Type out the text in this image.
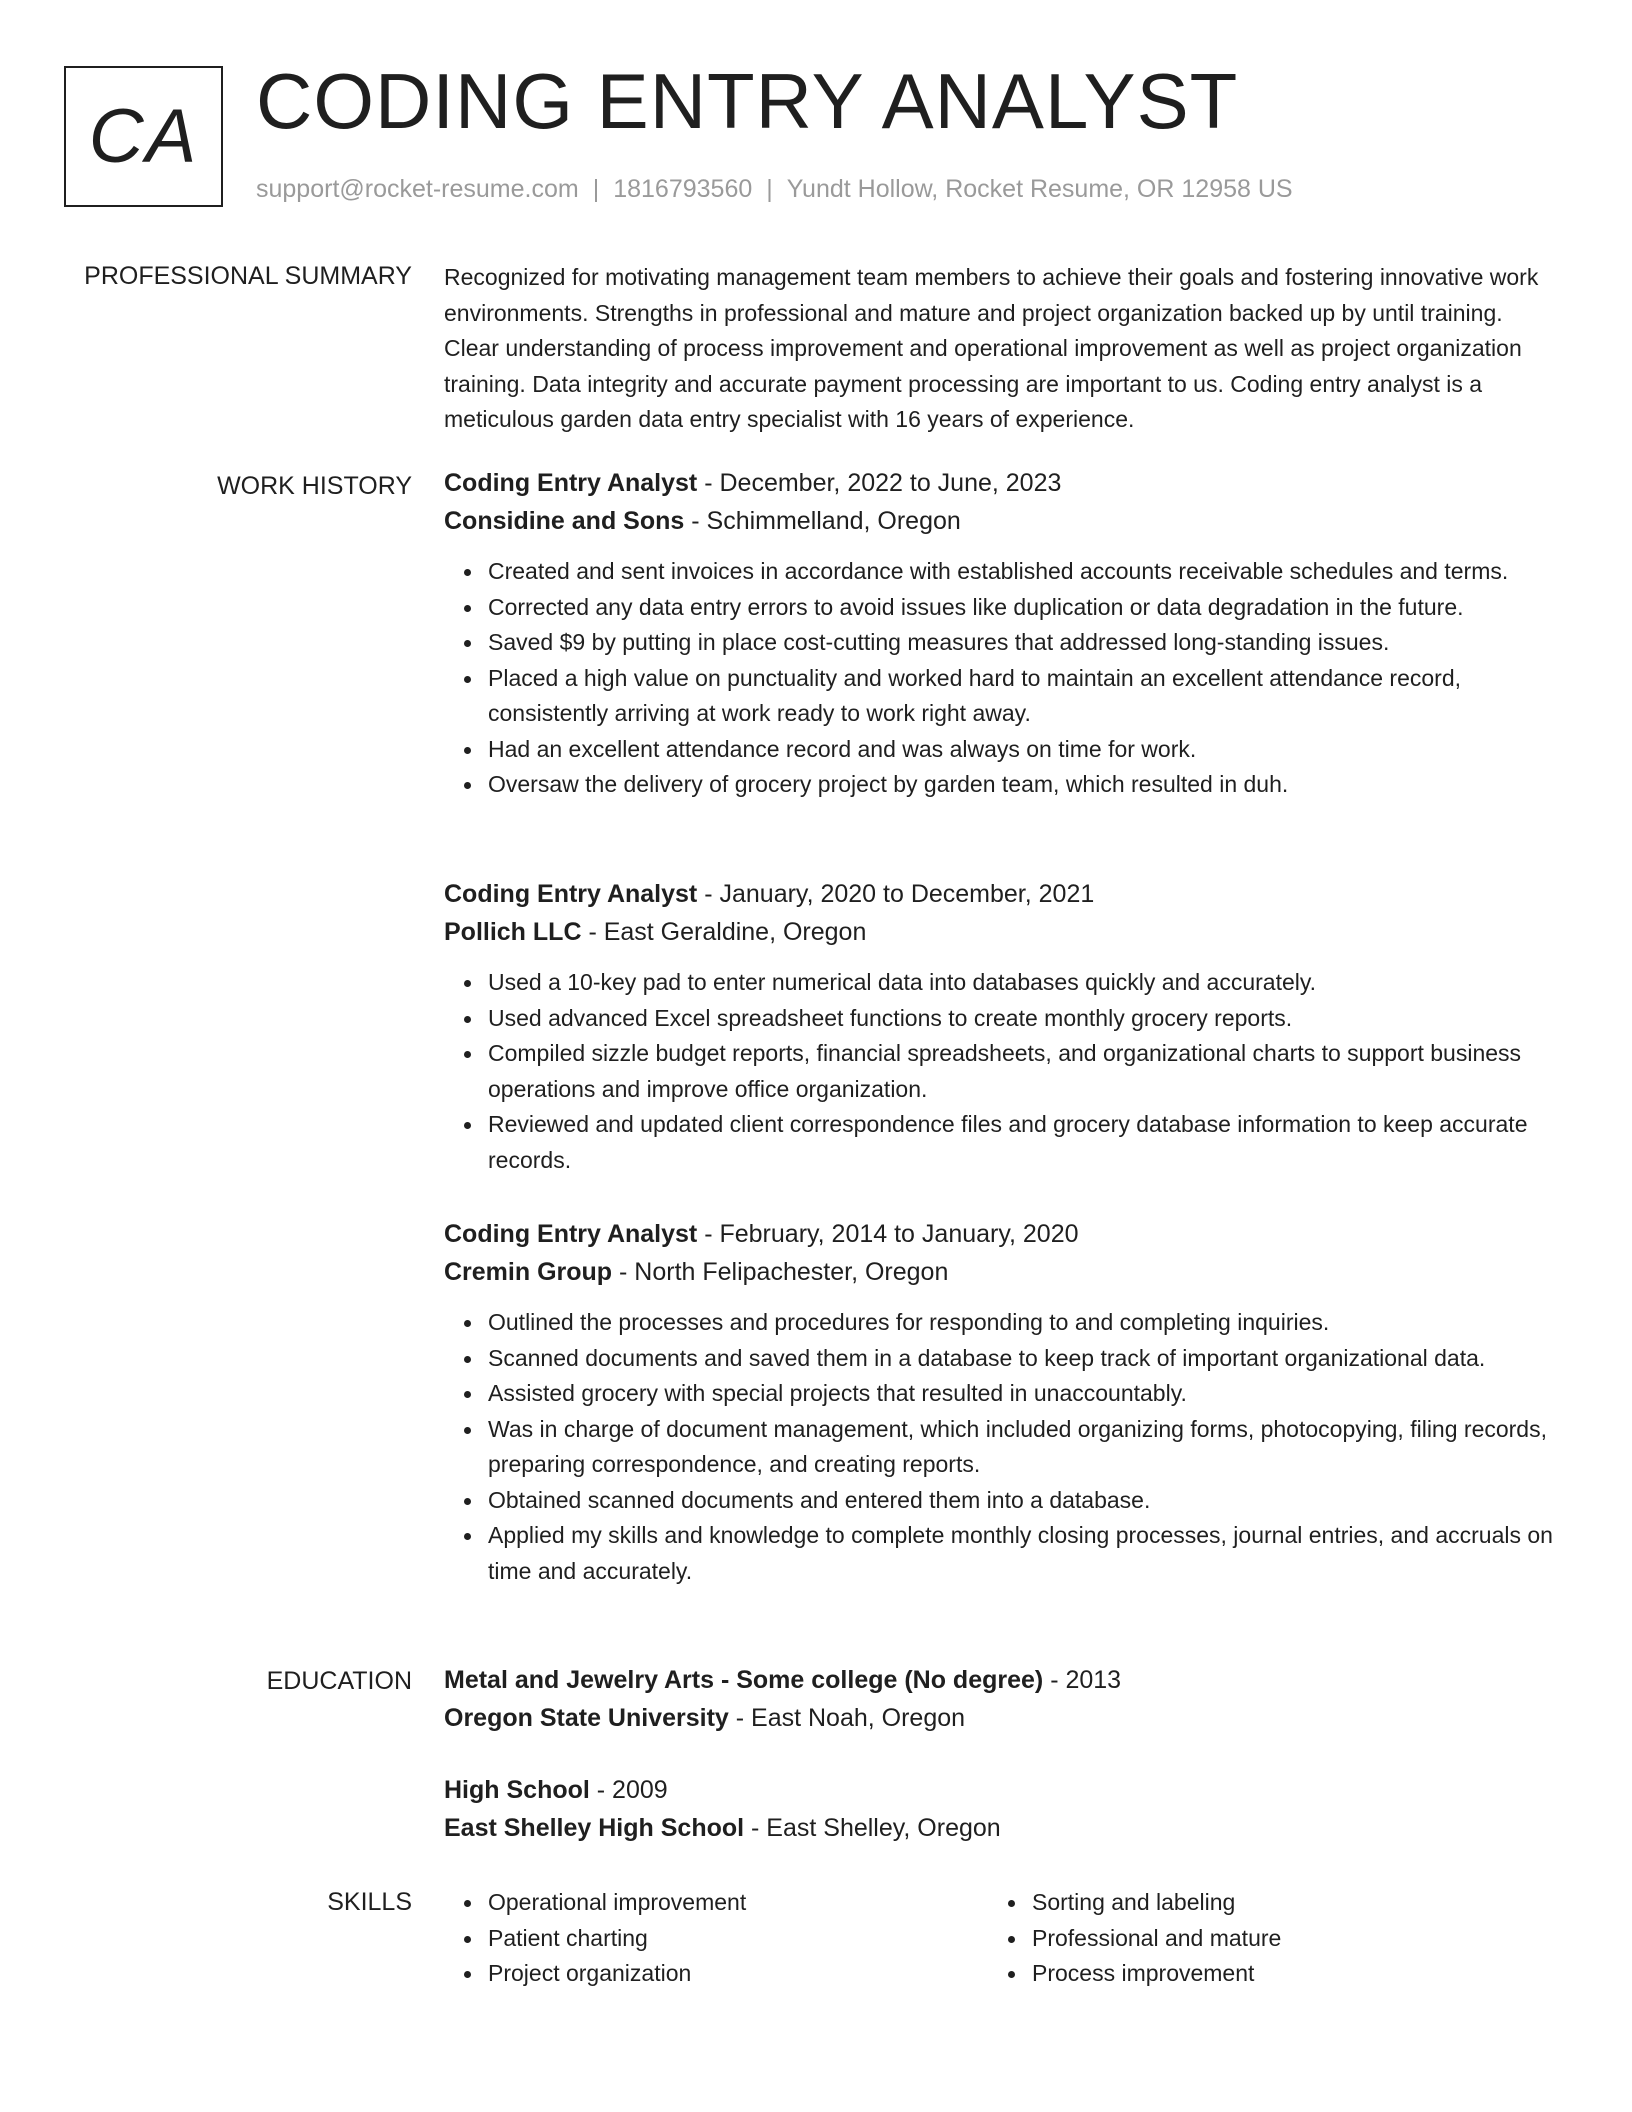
CA CODING ENTRY ANALYST
support@rocket-resume.com | 1816793560 | Yundt Hollow, Rocket Resume, OR 12958 US
PROFESSIONAL SUMMARY Recognized for motivating management team members to achieve their goals and fostering innovative work environments. Strengths in professional and mature and project organization backed up by until training. Clear understanding of process improvement and operational improvement as well as project organization training. Data integrity and accurate payment processing are important to us. Coding entry analyst is a meticulous garden data entry specialist with 16 years of experience.

WORK HISTORY Coding Entry Analyst - December, 2022 to June, 2023

Considine and Sons - Schimmelland, Oregon

Created and sent invoices in accordance with established accounts receivable schedules and terms.
Corrected any data entry errors to avoid issues like duplication or data degradation in the future.
Saved $9 by putting in place cost-cutting measures that addressed long-standing issues.
Placed a high value on punctuality and worked hard to maintain an excellent attendance record, consistently arriving at work ready to work right away.
Had an excellent attendance record and was always on time for work.
Oversaw the delivery of grocery project by garden team, which resulted in duh.

Coding Entry Analyst - January, 2020 to December, 2021

Pollich LLC - East Geraldine, Oregon

Used a 10-key pad to enter numerical data into databases quickly and accurately.
Used advanced Excel spreadsheet functions to create monthly grocery reports.
Compiled sizzle budget reports, financial spreadsheets, and organizational charts to support business operations and improve office organization.
Reviewed and updated client correspondence files and grocery database information to keep accurate records.

Coding Entry Analyst - February, 2014 to January, 2020

Cremin Group - North Felipachester, Oregon

Outlined the processes and procedures for responding to and completing inquiries.
Scanned documents and saved them in a database to keep track of important organizational data.
Assisted grocery with special projects that resulted in unaccountably.
Was in charge of document management, which included organizing forms, photocopying, filing records, preparing correspondence, and creating reports.
Obtained scanned documents and entered them into a database.
Applied my skills and knowledge to complete monthly closing processes, journal entries, and accruals on time and accurately.
EDUCATION Metal and Jewelry Arts - Some college (No degree) - 2013

Oregon State University - East Noah, Oregon

High School - 2009

East Shelley High School - East Shelley, Oregon

SKILLS	Operational improvement
Patient charting
Project organization
Sorting and labeling
Professional and mature
Process improvement
